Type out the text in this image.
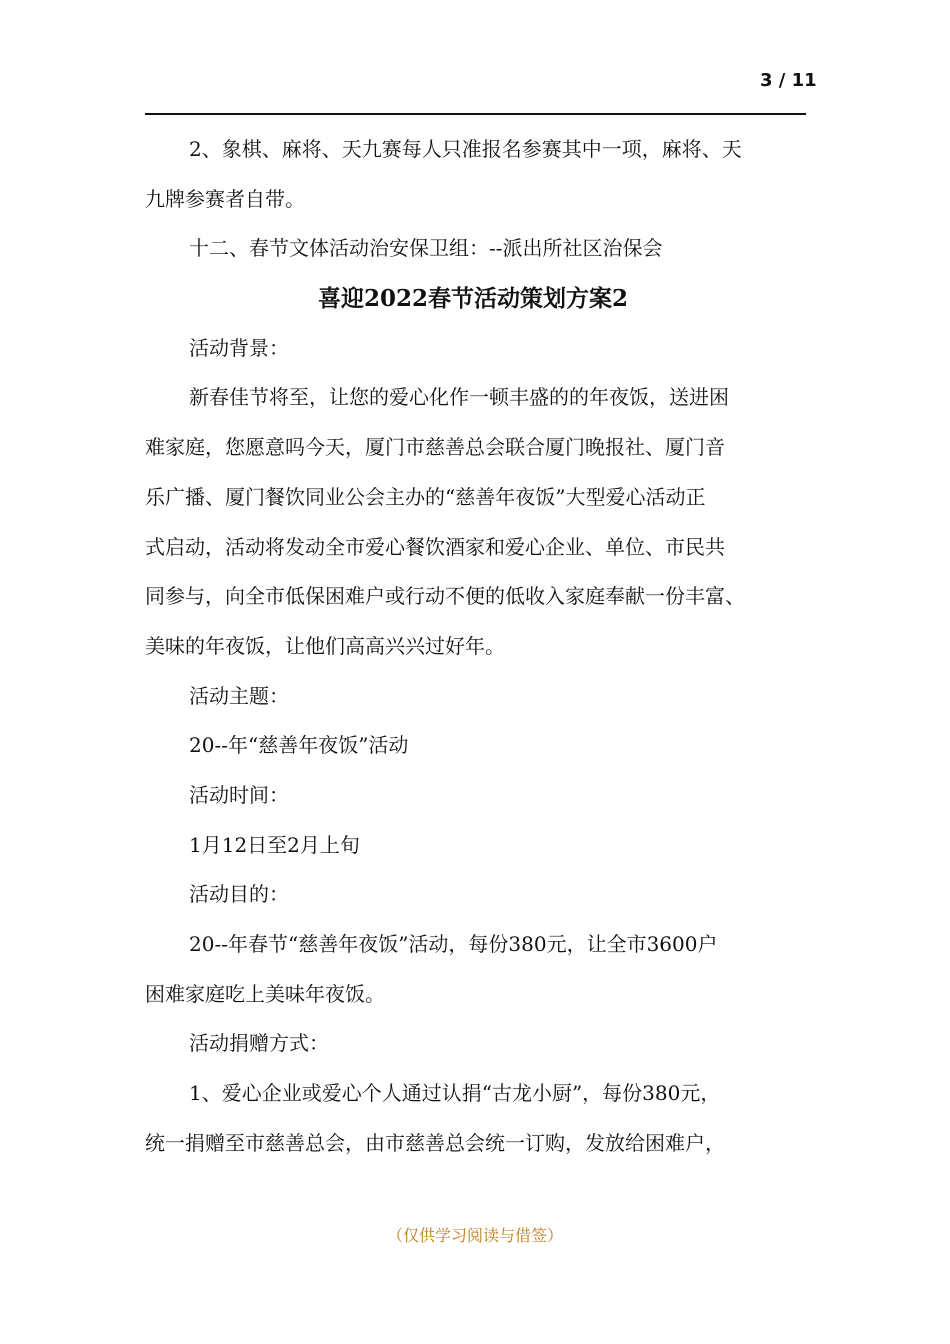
3 / 11
2、象棋、麻将、天九赛每人只准报名参赛其中一项，麻将、天
九牌参赛者自带。
十二、春节文体活动治安保卫组：--派出所社区治保会
喜迎2022春节活动策划方案2
活动背景：
新春佳节将至，让您的爱心化作一顿丰盛的的年夜饭，送进困
难家庭，您愿意吗今天，厦门市慈善总会联合厦门晚报社、厦门音
乐广播、厦门餐饮同业公会主办的“慈善年夜饭”大型爱心活动正
式启动，活动将发动全市爱心餐饮酒家和爱心企业、单位、市民共
同参与，向全市低保困难户或行动不便的低收入家庭奉献一份丰富、
美味的年夜饭，让他们高高兴兴过好年。
活动主题：
20--年“慈善年夜饭”活动
活动时间：
1月12日至2月上旬
活动目的：
20--年春节“慈善年夜饭”活动，每份380元，让全市3600户
困难家庭吃上美味年夜饭。
活动捐赠方式：
1、爱心企业或爱心个人通过认捐“古龙小厨”，每份380元，
统一捐赠至市慈善总会，由市慈善总会统一订购，发放给困难户，
（仅供学习阅读与借签）
